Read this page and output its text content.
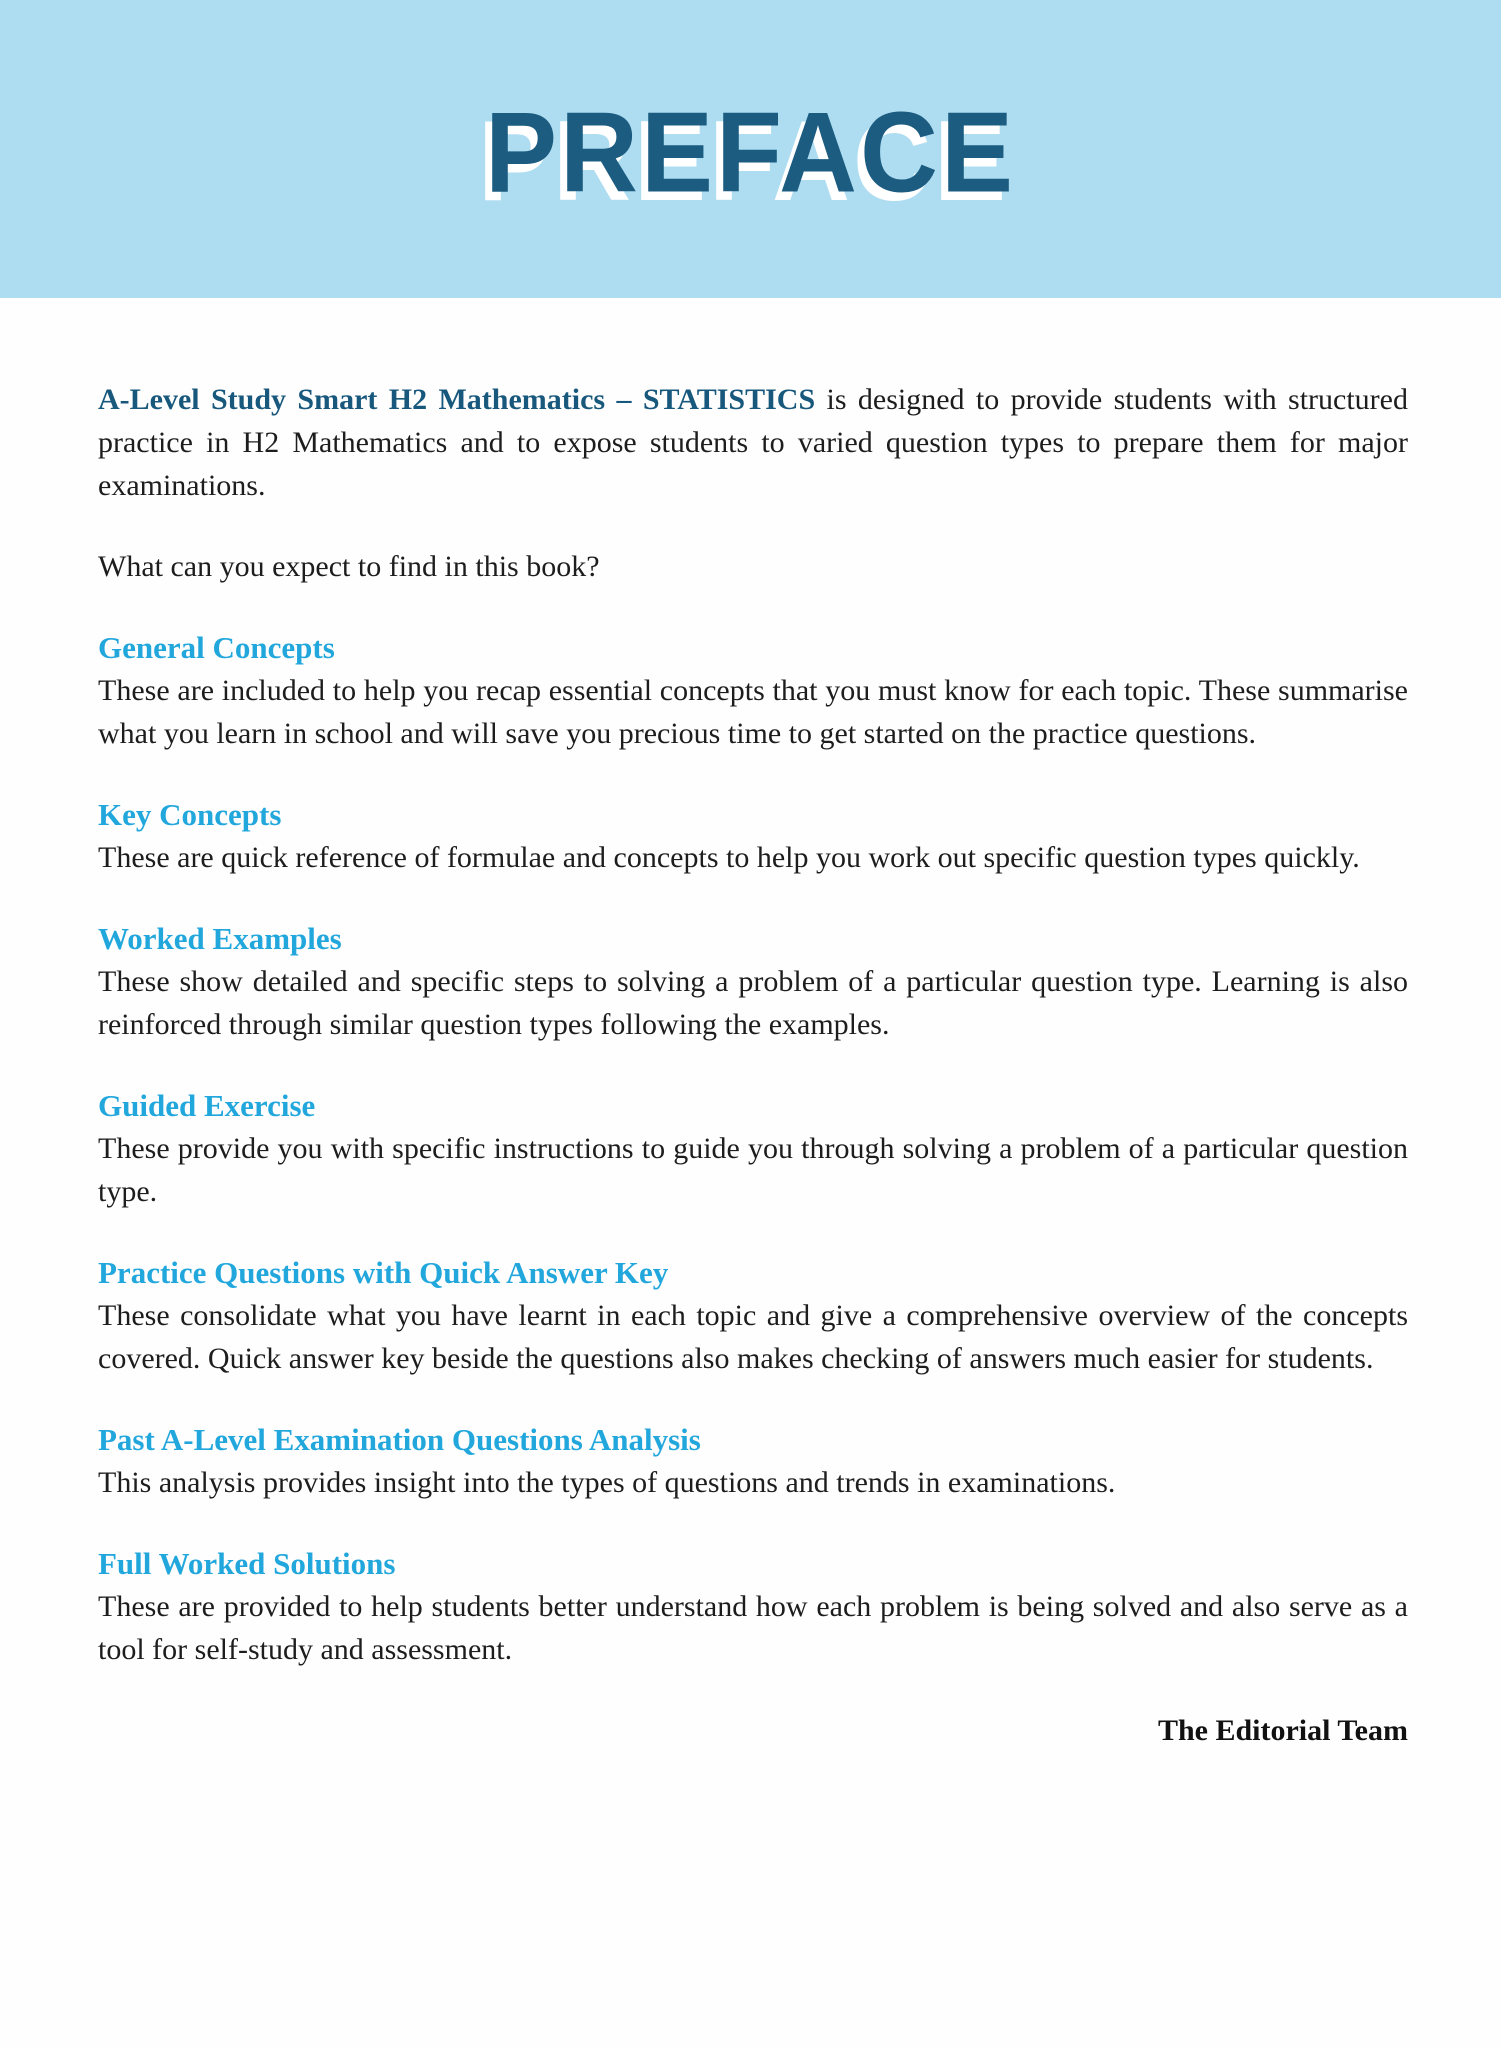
PREFACE

A-Level Study Smart H2 Mathematics – STATISTICS is designed to provide students with structured practice in H2 Mathematics and to expose students to varied question types to prepare them for major examinations.

What can you expect to find in this book?

General Concepts

These are included to help you recap essential concepts that you must know for each topic. These summarise what you learn in school and will save you precious time to get started on the practice questions.

Key Concepts

These are quick reference of formulae and concepts to help you work out specific question types quickly.

Worked Examples

These show detailed and specific steps to solving a problem of a particular question type. Learning is also reinforced through similar question types following the examples.

Guided Exercise

These provide you with specific instructions to guide you through solving a problem of a particular question type.

Practice Questions with Quick Answer Key

These consolidate what you have learnt in each topic and give a comprehensive overview of the concepts covered. Quick answer key beside the questions also makes checking of answers much easier for students.

Past A-Level Examination Questions Analysis

This analysis provides insight into the types of questions and trends in examinations.

Full Worked Solutions

These are provided to help students better understand how each problem is being solved and also serve as a tool for self-study and assessment.

The Editorial Team
